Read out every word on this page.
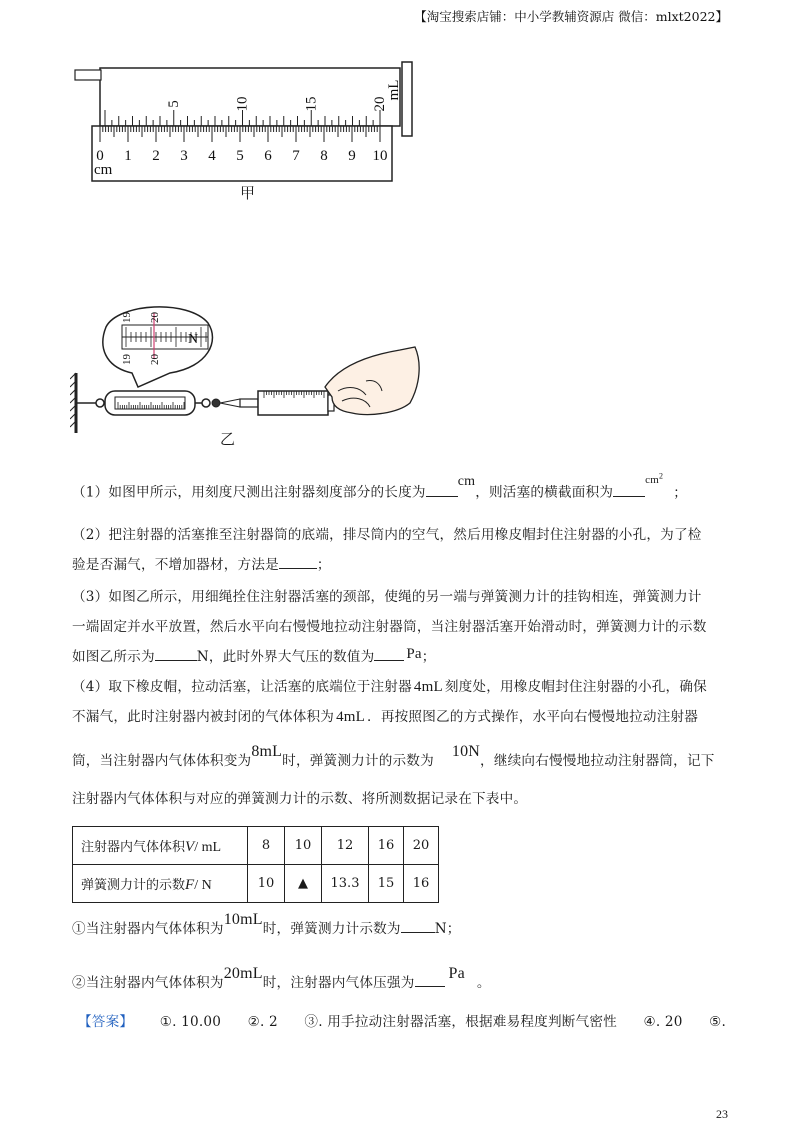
【淘宝搜索店铺：中小学教辅资源店 微信：mlxt2022】
5	10	15	20
mL
0 1 2 3 4 5 6 7 8 9 10
cm
甲
19 20
19 20
N
乙
（1）如图甲所示，用刻度尺测出注射器刻度部分的长度为cm，则活塞的横截面积为$^{cm^2}$；
（2）把注射器的活塞推至注射器筒的底端，排尽筒内的空气，然后用橡皮帽封住注射器的小孔，为了检
验是否漏气，不增加器材，方法是	；
（3）如图乙所示，用细绳拴住注射器活塞的颈部，使绳的另一端与弹簧测力计的挂钩相连，弹簧测力计
一端固定并水平放置，然后水平向右慢慢地拉动注射器筒，当注射器活塞开始滑动时，弹簧测力计的示数
如图乙所示为	N，此时外界大气压的数值为 Pa；
（4）取下橡皮帽，拉动活塞，让活塞的底端位于注射器 4mL 刻度处，用橡皮帽封住注射器的小孔，确保
不漏气，此时注射器内被封闭的气体体积为 4mL ．再按照图乙的方式操作，水平向右慢慢地拉动注射器
筒，当注射器内气体体积变为8mL时，弹簧测力计的示数为10N，继续向右慢慢地拉动注射器筒，记下
注射器内气体体积与对应的弹簧测力计的示数、将所测数据记录在下表中。
注射器内气体体积V/ mL	8	10	12	16	20
弹簧测力计的示数F/ N	10	▲	13.3	15	16
①当注射器内气体体积为10mL时，弹簧测力计示数为	N；
②当注射器内气体体积为20mL时，注射器内气体压强为Pa。
【答案】 ①. 10.00 ②. 2 ③. 用手拉动注射器活塞，根据难易程度判断气密性 ④. 20 ⑤.
23
